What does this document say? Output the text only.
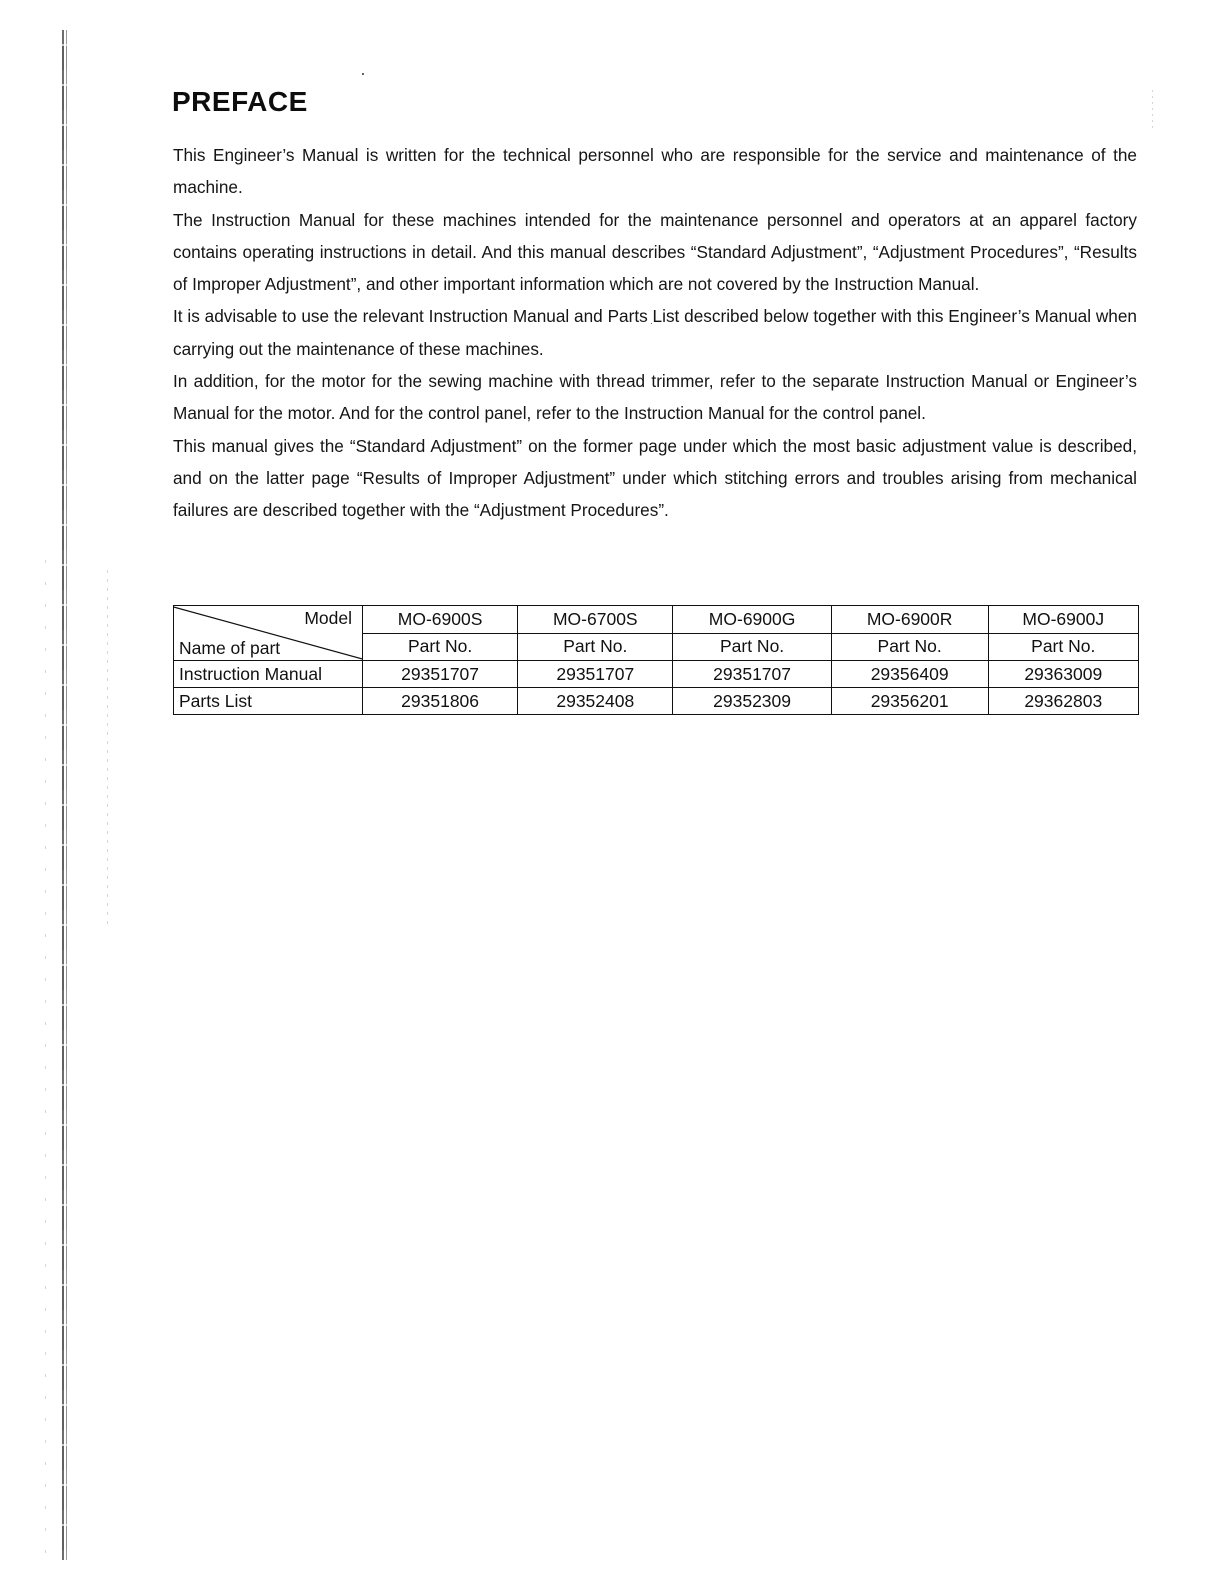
PREFACE

This Engineer’s Manual is written for the technical personnel who are responsible for the service and maintenance of the machine.

The Instruction Manual for these machines intended for the maintenance personnel and operators at an apparel factory contains operating instructions in detail. And this manual describes “Standard Adjustment”, “Adjustment Procedures”, “Results of Improper Adjustment”, and other important information which are not covered by the Instruction Manual.

It is advisable to use the relevant Instruction Manual and Parts List described below together with this Engineer’s Manual when carrying out the maintenance of these machines.

In addition, for the motor for the sewing machine with thread trimmer, refer to the separate Instruction Manual or Engineer’s Manual for the motor. And for the control panel, refer to the Instruction Manual for the control panel.

This manual gives the “Standard Adjustment” on the former page under which the most basic adjustment value is described, and on the latter page “Results of Improper Adjustment” under which stitching errors and troubles arising from mechanical failures are described together with the “Adjustment Procedures”.

Model
Name of part	MO-6900S	MO-6700S	MO-6900G	MO-6900R	MO-6900J
	Part No.	Part No.	Part No.	Part No.	Part No.
Instruction Manual	29351707	29351707	29351707	29356409	29363009
Parts List	29351806	29352408	29352309	29356201	29362803
